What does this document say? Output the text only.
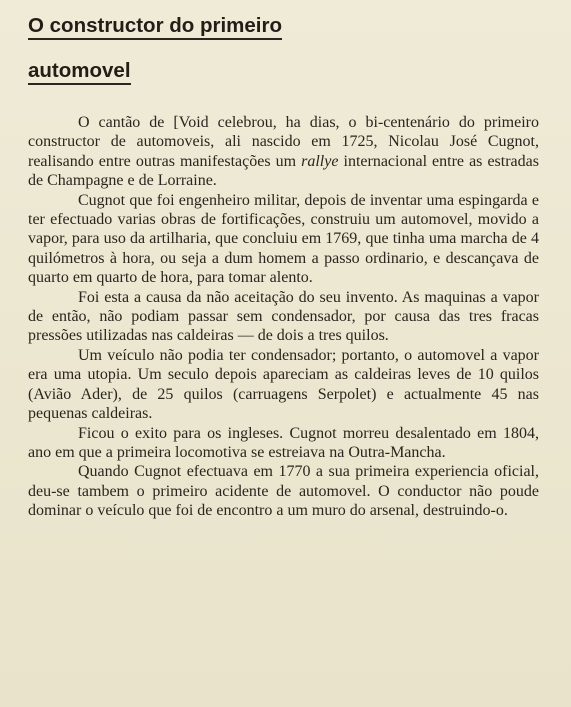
O constructor do primeiro
automovel

O cantão de [Void celebrou, ha dias, o bi-centenário do primeiro constructor de automoveis, ali nascido em 1725, Nicolau José Cugnot, realisando entre outras manifestações um rallye internacional entre as estradas de Champagne e de Lorraine.

Cugnot que foi engenheiro militar, depois de inventar uma espingarda e ter efectuado varias obras de fortificações, construiu um automovel, movido a vapor, para uso da artilharia, que concluiu em 1769, que tinha uma marcha de 4 quilómetros à hora, ou seja a dum homem a passo ordinario, e descançava de quarto em quarto de hora, para tomar alento.

Foi esta a causa da não aceitação do seu invento. As maquinas a vapor de então, não podiam passar sem condensador, por causa das tres fracas pressões utilizadas nas caldeiras — de dois a tres quilos.

Um veículo não podia ter condensador; portanto, o automovel a vapor era uma utopia. Um seculo depois apareciam as caldeiras leves de 10 quilos (Avião Ader), de 25 quilos (carruagens Serpolet) e actualmente 45 nas pequenas caldeiras.

Ficou o exito para os ingleses. Cugnot morreu desalentado em 1804, ano em que a primeira locomotiva se estreiava na Outra-Mancha.

Quando Cugnot efectuava em 1770 a sua primeira experiencia oficial, deu-se tambem o primeiro acidente de automovel. O conductor não poude dominar o veículo que foi de encontro a um muro do arsenal, destruindo-o.
